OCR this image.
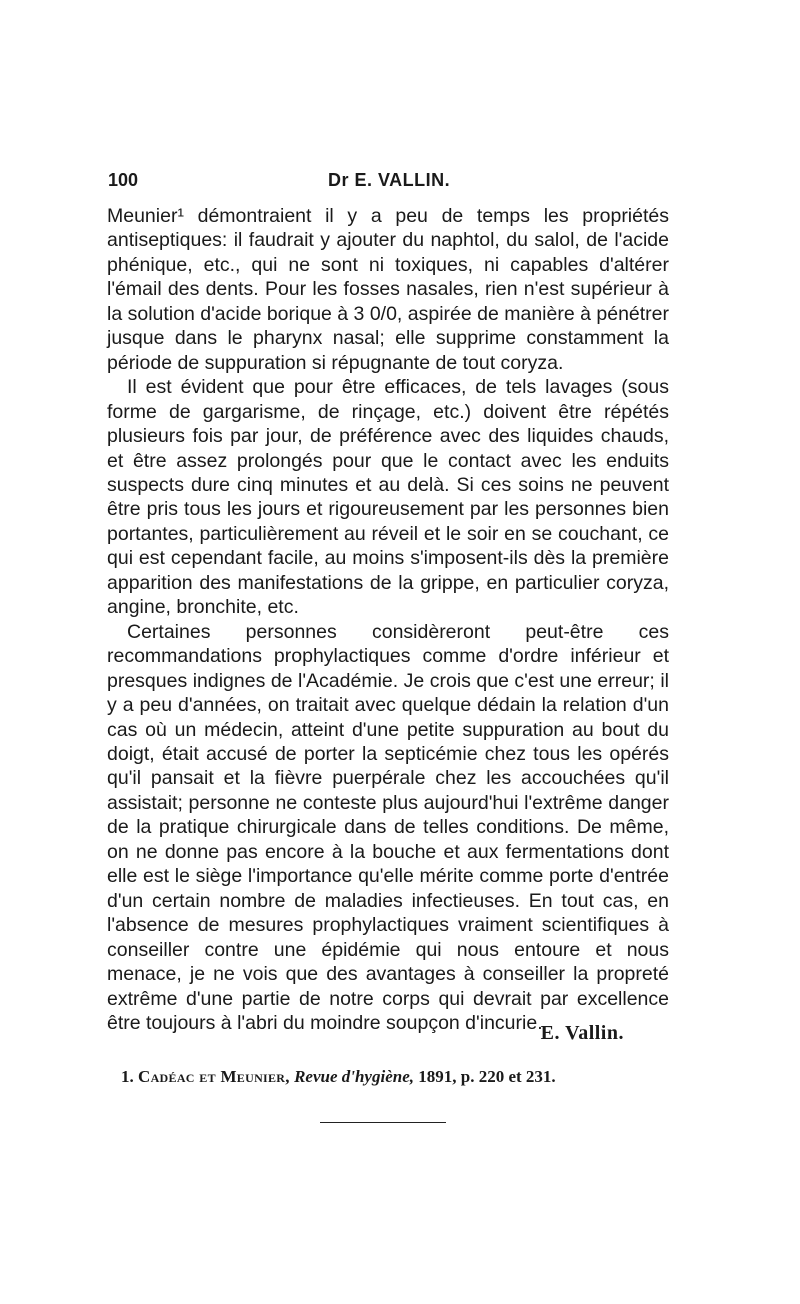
100	Dr E. VALLIN.

Meunier¹ démontraient il y a peu de temps les propriétés antiseptiques: il faudrait y ajouter du naphtol, du salol, de l'acide phénique, etc., qui ne sont ni toxiques, ni capables d'altérer l'émail des dents. Pour les fosses nasales, rien n'est supérieur à la solution d'acide borique à 3 0/0, aspirée de manière à pénétrer jusque dans le pharynx nasal; elle supprime constamment la période de suppuration si répugnante de tout coryza.

Il est évident que pour être efficaces, de tels lavages (sous forme de gargarisme, de rinçage, etc.) doivent être répétés plusieurs fois par jour, de préférence avec des liquides chauds, et être assez prolongés pour que le contact avec les enduits suspects dure cinq minutes et au delà. Si ces soins ne peuvent être pris tous les jours et rigoureusement par les personnes bien portantes, particulièrement au réveil et le soir en se couchant, ce qui est cependant facile, au moins s'imposent-ils dès la première apparition des manifestations de la grippe, en particulier coryza, angine, bronchite, etc.

Certaines personnes considèreront peut-être ces recommandations prophylactiques comme d'ordre inférieur et presques indignes de l'Académie. Je crois que c'est une erreur; il y a peu d'années, on traitait avec quelque dédain la relation d'un cas où un médecin, atteint d'une petite suppuration au bout du doigt, était accusé de porter la septicémie chez tous les opérés qu'il pansait et la fièvre puerpérale chez les accouchées qu'il assistait; personne ne conteste plus aujourd'hui l'extrême danger de la pratique chirurgicale dans de telles conditions. De même, on ne donne pas encore à la bouche et aux fermentations dont elle est le siège l'importance qu'elle mérite comme porte d'entrée d'un certain nombre de maladies infectieuses. En tout cas, en l'absence de mesures prophylactiques vraiment scientifiques à conseiller contre une épidémie qui nous entoure et nous menace, je ne vois que des avantages à conseiller la propreté extrême d'une partie de notre corps qui devrait par excellence être toujours à l'abri du moindre soupçon d'incurie.

E. Vallin.
1. Cadéac et Meunier, Revue d'hygiène, 1891, p. 220 et 231.
